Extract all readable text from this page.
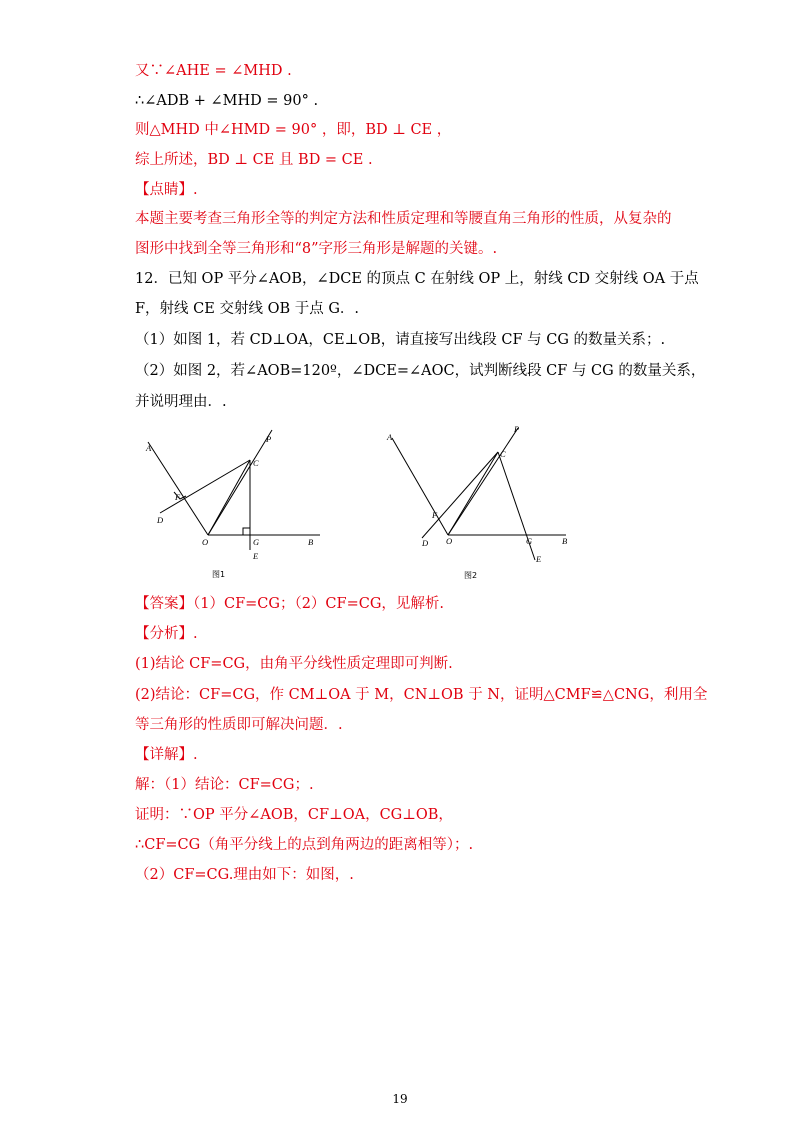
又∵∠AHE = ∠MHD .
∴∠ADB + ∠MHD = 90° .
则△MHD 中∠HMD = 90° ，即，BD ⊥ CE ，
综上所述，BD ⊥ CE 且 BD = CE .
【点睛】.
本题主要考查三角形全等的判定方法和性质定理和等腰直角三角形的性质，从复杂的
图形中找到全等三角形和“8”字形三角形是解题的关键。.
12．已知 OP 平分∠AOB，∠DCE 的顶点 C 在射线 OP 上，射线 CD 交射线 OA 于点
F，射线 CE 交射线 OB 于点 G．.
（1）如图 1，若 CD⊥OA，CE⊥OB，请直接写出线段 CF 与 CG 的数量关系；.
（2）如图 2，若∠AOB=120º，∠DCE=∠AOC，试判断线段 CF 与 CG 的数量关系，
并说明理由．.
A
P
C
F
D
O	G	B
E
图1
A
P
C
F
D O	G	B
E
图2
【答案】（1）CF=CG；（2）CF=CG，见解析.
【分析】.
(1)结论 CF=CG，由角平分线性质定理即可判断.
(2)结论：CF=CG，作 CM⊥OA 于 M，CN⊥OB 于 N，证明△CMF≌△CNG，利用全
等三角形的性质即可解决问题．.
【详解】.
解：（1）结论：CF=CG；.
证明：∵OP 平分∠AOB，CF⊥OA，CG⊥OB，
∴CF=CG（角平分线上的点到角两边的距离相等）；.
（2）CF=CG.理由如下：如图，.
19
